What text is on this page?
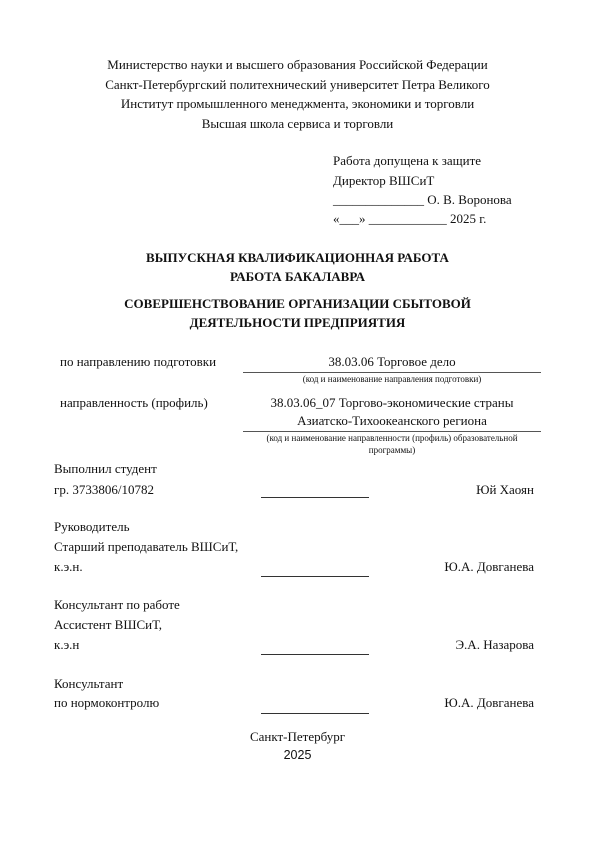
Министерство науки и высшего образования Российской Федерации
Санкт-Петербургский политехнический университет Петра Великого
Институт промышленного менеджмента, экономики и торговли
Высшая школа сервиса и торговли
Работа допущена к защите
Директор ВШСиТ
______________ О. В. Воронова
«___» ____________ 2025 г.
ВЫПУСКНАЯ КВАЛИФИКАЦИОННАЯ РАБОТА
РАБОТА БАКАЛАВРА
СОВЕРШЕНСТВОВАНИЕ ОРГАНИЗАЦИИ СБЫТОВОЙ
ДЕЯТЕЛЬНОСТИ ПРЕДПРИЯТИЯ
по направлению подготовки	38.03.06 Торговое дело
(код и наименование направления подготовки)
направленность (профиль)	38.03.06_07 Торгово-экономические страны
Азиатско-Тихоокеанского региона
(код и наименование направленности (профиль) образовательной
программы)
Выполнил студент
гр. 3733806/10782	Юй Хаоян
Руководитель
Старший преподаватель ВШСиТ,
к.э.н.	Ю.А. Довганева
Консультант по работе
Ассистент ВШСиТ,
к.э.н	Э.А. Назарова
Консультант
по нормоконтролю	Ю.А. Довганева
Санкт-Петербург
2025
